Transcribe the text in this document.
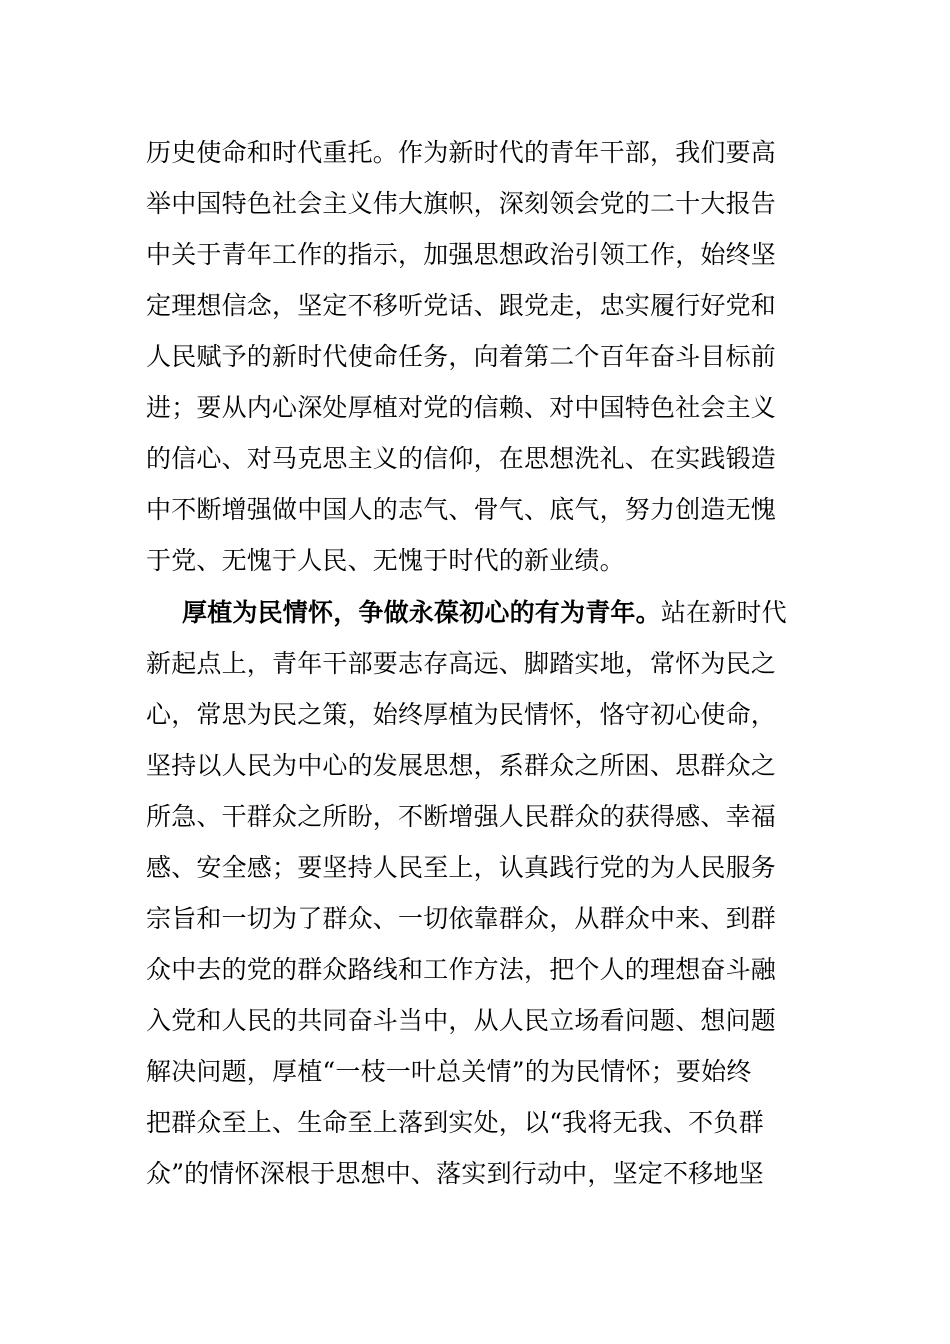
历史使命和时代重托。作为新时代的青年干部，我们要高
举中国特色社会主义伟大旗帜，深刻领会党的二十大报告
中关于青年工作的指示，加强思想政治引领工作，始终坚
定理想信念，坚定不移听党话、跟党走，忠实履行好党和
人民赋予的新时代使命任务，向着第二个百年奋斗目标前
进；要从内心深处厚植对党的信赖、对中国特色社会主义
的信心、对马克思主义的信仰，在思想洗礼、在实践锻造
中不断增强做中国人的志气、骨气、底气，努力创造无愧
于党、无愧于人民、无愧于时代的新业绩。
厚植为民情怀，争做永葆初心的有为青年。站在新时代
新起点上，青年干部要志存高远、脚踏实地，常怀为民之
心，常思为民之策，始终厚植为民情怀，恪守初心使命，
坚持以人民为中心的发展思想，系群众之所困、思群众之
所急、干群众之所盼，不断增强人民群众的获得感、幸福
感、安全感；要坚持人民至上，认真践行党的为人民服务
宗旨和一切为了群众、一切依靠群众，从群众中来、到群
众中去的党的群众路线和工作方法，把个人的理想奋斗融
入党和人民的共同奋斗当中，从人民立场看问题、想问题
解决问题，厚植“一枝一叶总关情”的为民情怀；要始终
把群众至上、生命至上落到实处，以“我将无我、不负群
众”的情怀深根于思想中、落实到行动中，坚定不移地坚
